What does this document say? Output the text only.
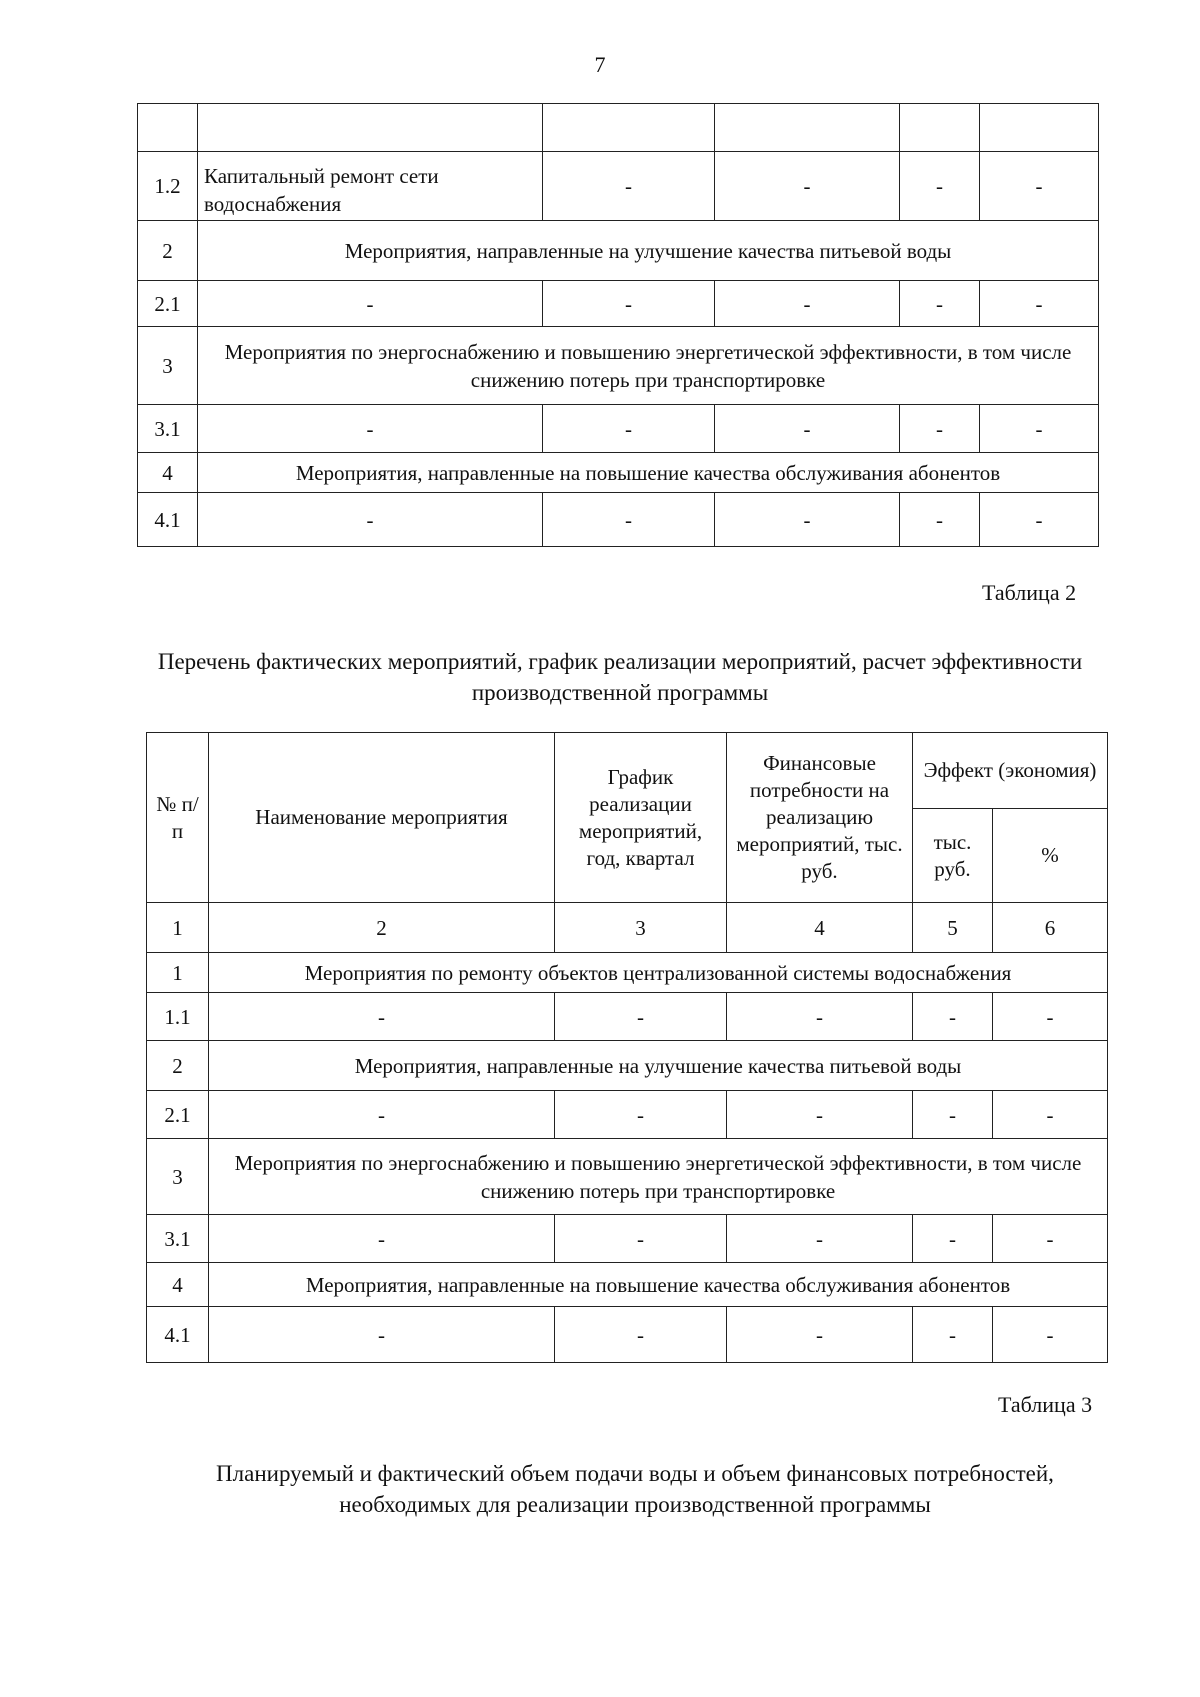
7

1.2	Капитальный ремонт сети водоснабжения	-	-	-	-
2	Мероприятия, направленные на улучшение качества питьевой воды				
2.1	-	-	-	-	-
3	Мероприятия по энергоснабжению и повышению энергетической эффективности, в том числе снижению потерь при транспортировке				
3.1	-	-	-	-	-
4	Мероприятия, направленные на повышение качества обслуживания абонентов				
4.1	-	-	-	-	-
Таблица 2
Перечень фактических мероприятий, график реализации мероприятий, расчет эффективности производственной программы
№ п/п	Наименование мероприятия	График реализации мероприятий, год, квартал	Финансовые потребности на реализацию мероприятий, тыс. руб.	Эффект (экономия)	
				тыс. руб.	%
1	2	3	4	5	6
1	Мероприятия по ремонту объектов централизованной системы водоснабжения				
1.1	-	-	-	-	-
2	Мероприятия, направленные на улучшение качества питьевой воды				
2.1	-	-	-	-	-
3	Мероприятия по энергоснабжению и повышению энергетической эффективности, в том числе снижению потерь при транспортировке				
3.1	-	-	-	-	-
4	Мероприятия, направленные на повышение качества обслуживания абонентов				
4.1	-	-	-	-	-
Таблица 3
Планируемый и фактический объем подачи воды и объем финансовых потребностей, необходимых для реализации производственной программы
